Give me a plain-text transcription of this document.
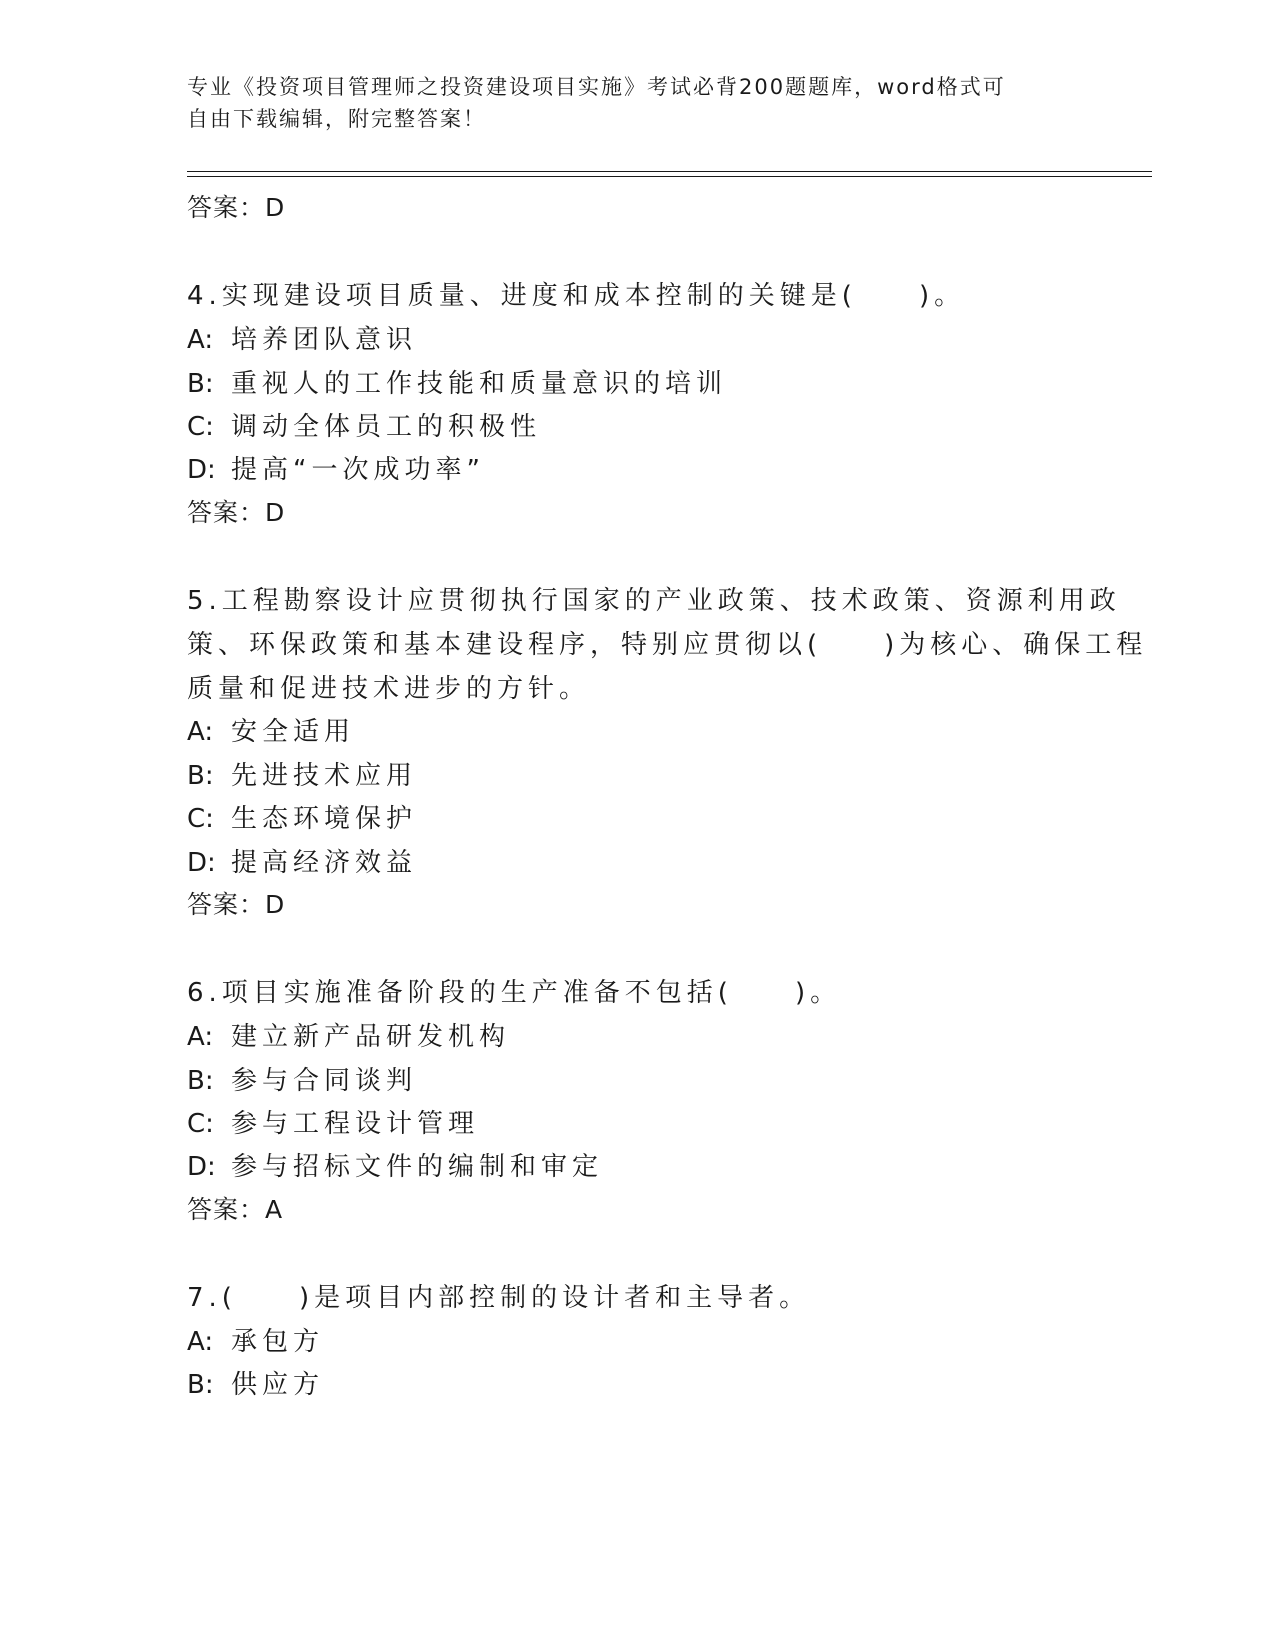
专业《投资项目管理师之投资建设项目实施》考试必背200题题库，word格式可
自由下载编辑，附完整答案！
答案：D
4.实现建设项目质量、进度和成本控制的关键是(　　)。
A: 培养团队意识
B: 重视人的工作技能和质量意识的培训
C: 调动全体员工的积极性
D: 提高“一次成功率”
答案：D
5.工程勘察设计应贯彻执行国家的产业政策、技术政策、资源利用政
策、环保政策和基本建设程序，特别应贯彻以(　　)为核心、确保工程
质量和促进技术进步的方针。
A: 安全适用
B: 先进技术应用
C: 生态环境保护
D: 提高经济效益
答案：D
6.项目实施准备阶段的生产准备不包括(　　)。
A: 建立新产品研发机构
B: 参与合同谈判
C: 参与工程设计管理
D: 参与招标文件的编制和审定
答案：A
7.(　　)是项目内部控制的设计者和主导者。
A: 承包方
B: 供应方
